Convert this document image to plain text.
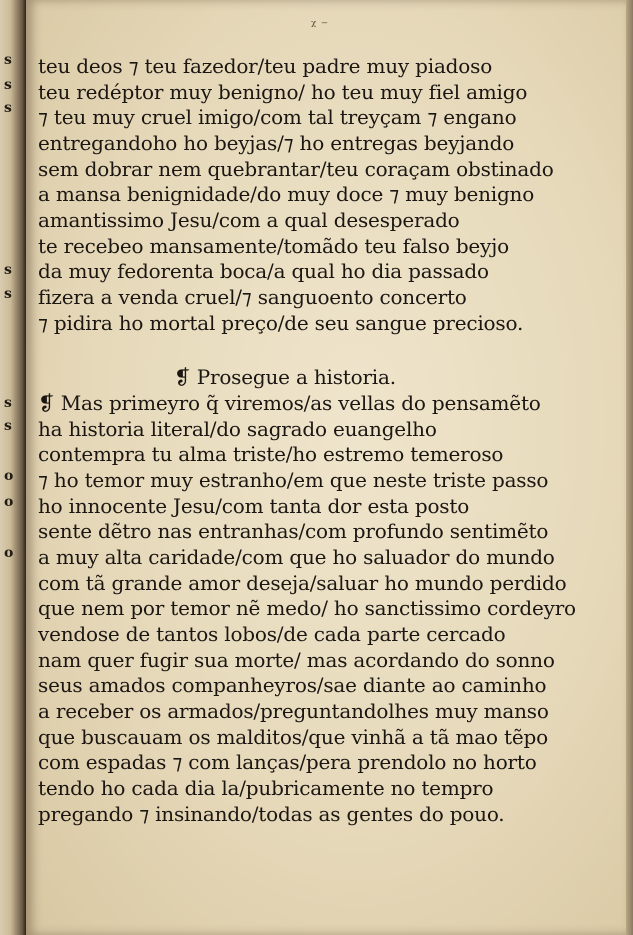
s
s
s
s
s
s
s
o
o
o
ᵡ ⁻
teu deos ⁊ teu fazedor/teu padre muy piadoso
teu redéptor muy benigno/ ho teu muy fiel amigo
⁊ teu muy cruel imigo/com tal treyçam ⁊ engano
entregandoho ho beyjas/⁊ ho entregas beyjando
sem dobrar nem quebrantar/teu coraçam obstinado
a mansa benignidade/do muy doce ⁊ muy benigno
amantissimo Jesu/com a qual desesperado
te recebeo mansamente/tomãdo teu falso beyjo
da muy fedorenta boca/a qual ho dia passado
fizera a venda cruel/⁊ sanguoento concerto
⁊ pidira ho mortal preço/de seu sangue precioso.
❡ Prosegue a historia.
❡ Mas primeyro q̃ viremos/as vellas do pensamẽto
ha historia literal/do sagrado euangelho
contempra tu alma triste/ho estremo temeroso
⁊ ho temor muy estranho/em que neste triste passo
ho innocente Jesu/com tanta dor esta posto
sente dẽtro nas entranhas/com profundo sentimẽto
a muy alta caridade/com que ho saluador do mundo
com tã grande amor deseja/saluar ho mundo perdido
que nem por temor nẽ medo/ ho sanctissimo cordeyro
vendose de tantos lobos/de cada parte cercado
nam quer fugir sua morte/ mas acordando do sonno
seus amados companheyros/sae diante ao caminho
a receber os armados/preguntandolhes muy manso
que buscauam os malditos/que vinhã a tã mao tẽpo
com espadas ⁊ com lanças/pera prendolo no horto
tendo ho cada dia la/pubricamente no tempro
pregando ⁊ insinando/todas as gentes do pouo.
